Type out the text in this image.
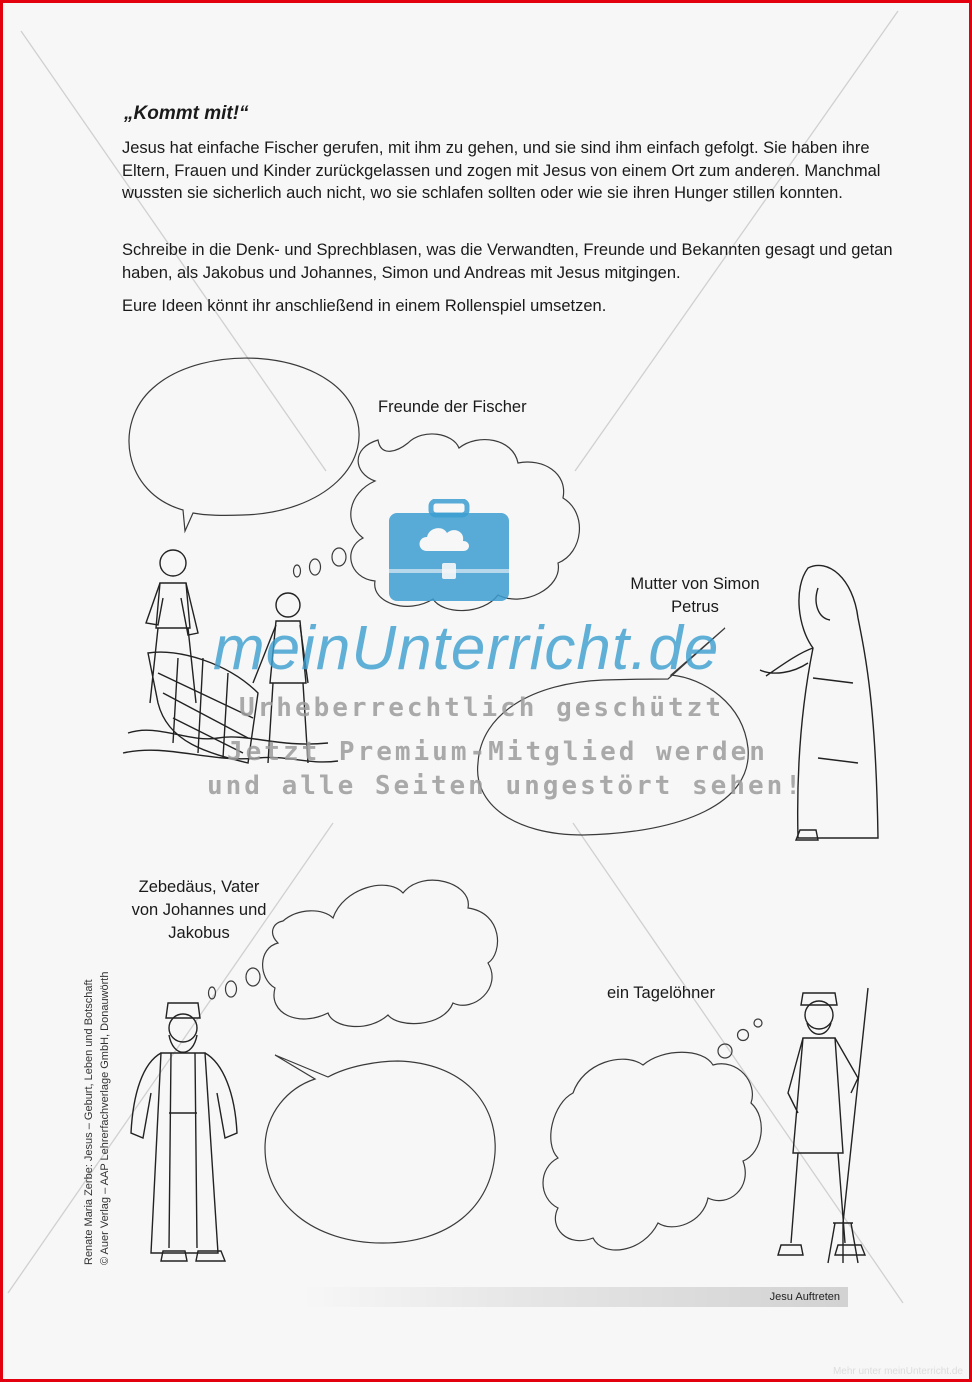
„Kommt mit!“
Jesus hat einfache Fischer gerufen, mit ihm zu gehen, und sie sind ihm einfach gefolgt. Sie haben ihre Eltern, Frauen und Kinder zurückgelassen und zogen mit Jesus von einem Ort zum anderen. Manchmal wussten sie sicherlich auch nicht, wo sie schlafen sollten oder wie sie ihren Hunger stillen konnten.
Schreibe in die Denk- und Sprechblasen, was die Verwandten, Freunde und Bekannten gesagt und getan haben, als Jakobus und Johannes, Simon und Andreas mit Jesus mitgingen.
Eure Ideen könnt ihr anschließend in einem Rollenspiel umsetzen.
Freunde der Fischer
Mutter von Simon
Petrus
Zebedäus, Vater
von Johannes und
Jakobus
ein Tagelöhner
meinUnterricht.de
Urheberrechtlich geschützt
Jetzt Premium-Mitglied werden
und alle Seiten ungestört sehen!
Renate Maria Zerbe: Jesus – Geburt, Leben und Botschaft © Auer Verlag – AAP Lehrerfachverlage GmbH, Donauwörth
Jesu Auftreten
Mehr unter meinUnterricht.de
